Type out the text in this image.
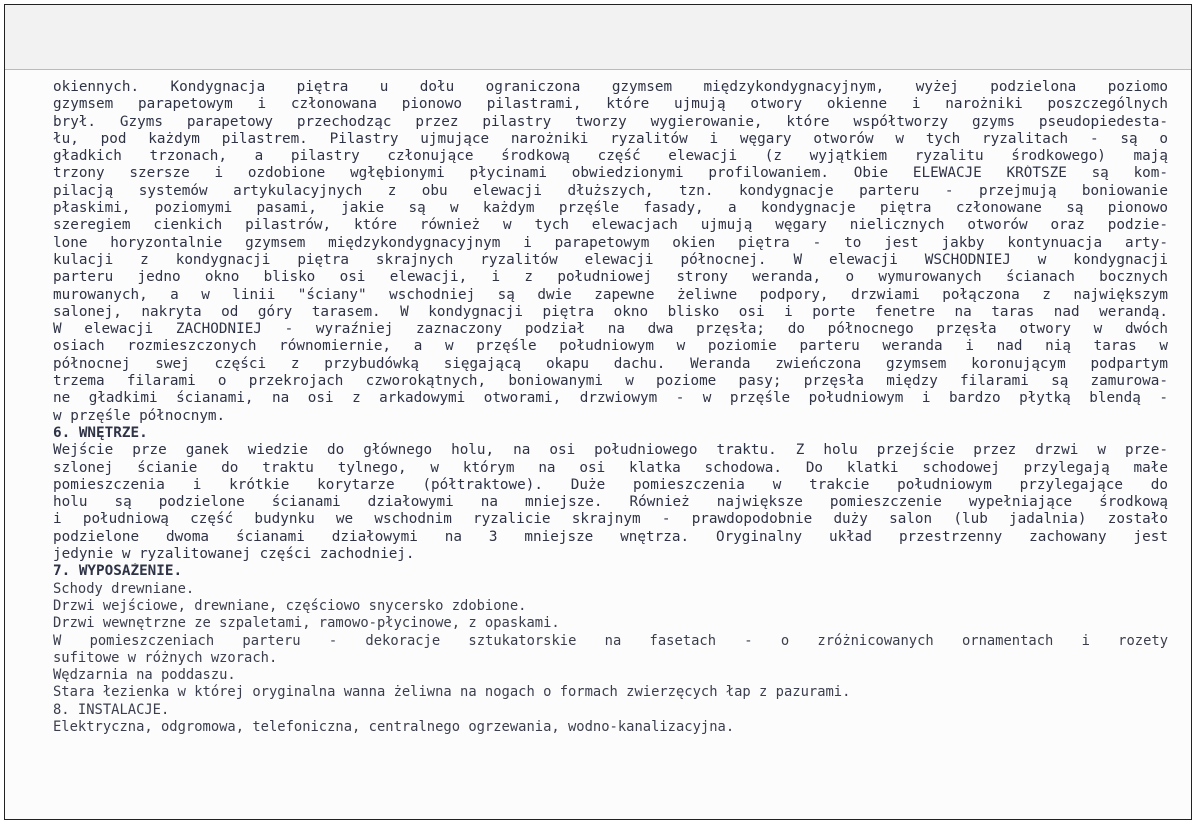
okiennych. Kondygnacja piętra u dołu ograniczona gzymsem międzykondygnacyjnym, wyżej podzielona poziomo
gzymsem parapetowym i członowana pionowo pilastrami, które ujmują otwory okienne i narożniki poszczególnych
brył. Gzyms parapetowy przechodząc przez pilastry tworzy wygierowanie, które współtworzy gzyms pseudopiedesta-
łu, pod każdym pilastrem. Pilastry ujmujące narożniki ryzalitów i węgary otworów w tych ryzalitach - są o
gładkich trzonach, a pilastry członujące środkową część elewacji (z wyjątkiem ryzalitu środkowego) mają
trzony szersze i ozdobione wgłębionymi płycinami obwiedzionymi profilowaniem. Obie ELEWACJE KRÓTSZE są kom-
pilacją systemów artykulacyjnych z obu elewacji dłuższych, tzn. kondygnacje parteru - przejmują boniowanie
płaskimi, poziomymi pasami, jakie są w każdym przęśle fasady, a kondygnacje piętra członowane są pionowo
szeregiem cienkich pilastrów, które również w tych elewacjach ujmują węgary nielicznych otworów oraz podzie-
lone horyzontalnie gzymsem międzykondygnacyjnym i parapetowym okien piętra - to jest jakby kontynuacja arty-
kulacji z kondygnacji piętra skrajnych ryzalitów elewacji północnej. W elewacji WSCHODNIEJ w kondygnacji
parteru jedno okno blisko osi elewacji, i z południowej strony weranda, o wymurowanych ścianach bocznych
murowanych, a w linii "ściany" wschodniej są dwie zapewne żeliwne podpory, drzwiami połączona z największym
salonej, nakryta od góry tarasem. W kondygnacji piętra okno blisko osi i porte fenetre na taras nad werandą.
W elewacji ZACHODNIEJ - wyraźniej zaznaczony podział na dwa przęsła; do północnego przęsła otwory w dwóch
osiach rozmieszczonych równomiernie, a w przęśle południowym w poziomie parteru weranda i nad nią taras w
północnej swej części z przybudówką sięgającą okapu dachu. Weranda zwieńczona gzymsem koronującym podpartym
trzema filarami o przekrojach czworokątnych, boniowanymi w poziome pasy; przęsła między filarami są zamurowa-
ne gładkimi ścianami, na osi z arkadowymi otworami, drzwiowym - w przęśle południowym i bardzo płytką blendą -
w przęśle północnym.
6. WNĘTRZE.
Wejście prze ganek wiedzie do głównego holu, na osi południowego traktu. Z holu przejście przez drzwi w prze-
szlonej ścianie do traktu tylnego, w którym na osi klatka schodowa. Do klatki schodowej przylegają małe
pomieszczenia i krótkie korytarze (półtraktowe). Duże pomieszczenia w trakcie południowym przylegające do
holu są podzielone ścianami działowymi na mniejsze. Również największe pomieszczenie wypełniające środkową
i południową część budynku we wschodnim ryzalicie skrajnym - prawdopodobnie duży salon (lub jadalnia) zostało
podzielone dwoma ścianami działowymi na 3 mniejsze wnętrza. Oryginalny układ przestrzenny zachowany jest
jedynie w ryzalitowanej części zachodniej.
7. WYPOSAŻENIE.
Schody drewniane.
Drzwi wejściowe, drewniane, częściowo snycersko zdobione.
Drzwi wewnętrzne ze szpaletami, ramowo-płycinowe, z opaskami.
W pomieszczeniach parteru - dekoracje sztukatorskie na fasetach - o zróżnicowanych ornamentach i rozety
sufitowe w różnych wzorach.
Wędzarnia na poddaszu.
Stara łezienka w której oryginalna wanna żeliwna na nogach o formach zwierzęcych łap z pazurami.
8. INSTALACJE.
Elektryczna, odgromowa, telefoniczna, centralnego ogrzewania, wodno-kanalizacyjna.
